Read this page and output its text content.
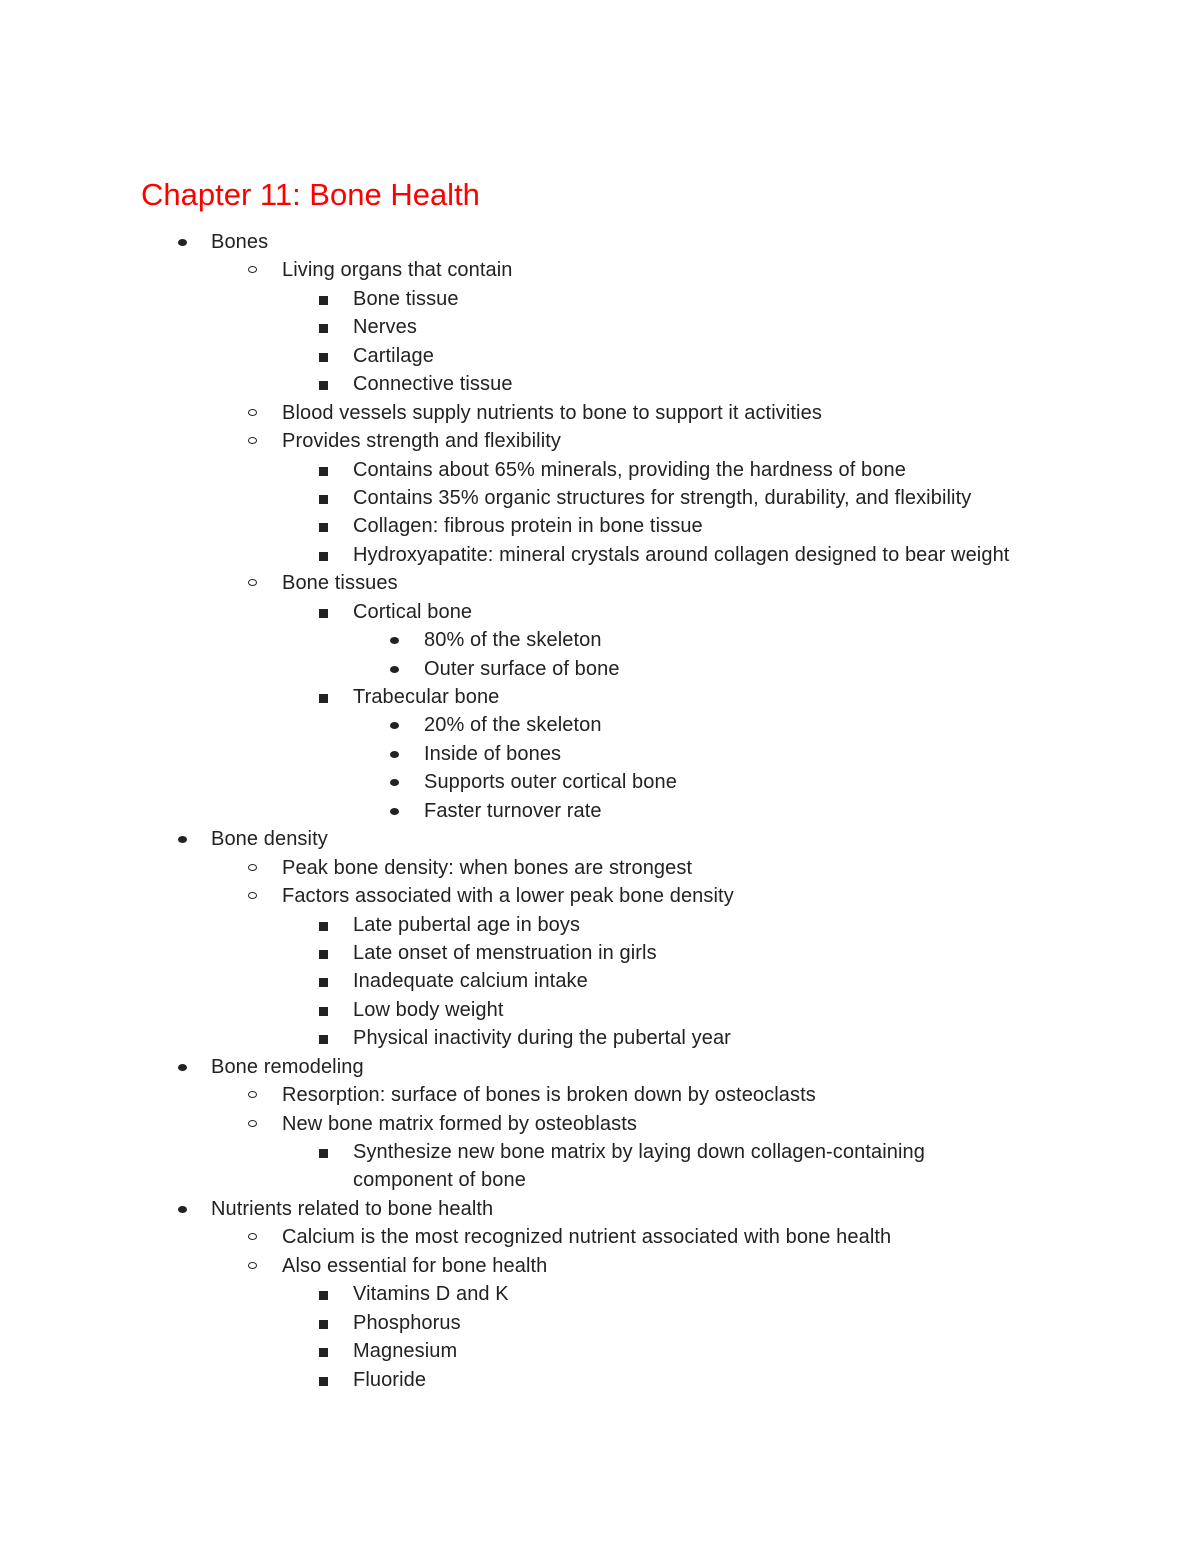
Chapter 11: Bone Health
Bones
Living organs that contain
Bone tissue
Nerves
Cartilage
Connective tissue
Blood vessels supply nutrients to bone to support it activities
Provides strength and flexibility
Contains about 65% minerals, providing the hardness of bone
Contains 35% organic structures for strength, durability, and flexibility
Collagen: fibrous protein in bone tissue
Hydroxyapatite: mineral crystals around collagen designed to bear weight
Bone tissues
Cortical bone
80% of the skeleton
Outer surface of bone
Trabecular bone
20% of the skeleton
Inside of bones
Supports outer cortical bone
Faster turnover rate
Bone density
Peak bone density: when bones are strongest
Factors associated with a lower peak bone density
Late pubertal age in boys
Late onset of menstruation in girls
Inadequate calcium intake
Low body weight
Physical inactivity during the pubertal year
Bone remodeling
Resorption: surface of bones is broken down by osteoclasts
New bone matrix formed by osteoblasts
Synthesize new bone matrix by laying down collagen-containing
component of bone
Nutrients related to bone health
Calcium is the most recognized nutrient associated with bone health
Also essential for bone health
Vitamins D and K
Phosphorus
Magnesium
Fluoride
